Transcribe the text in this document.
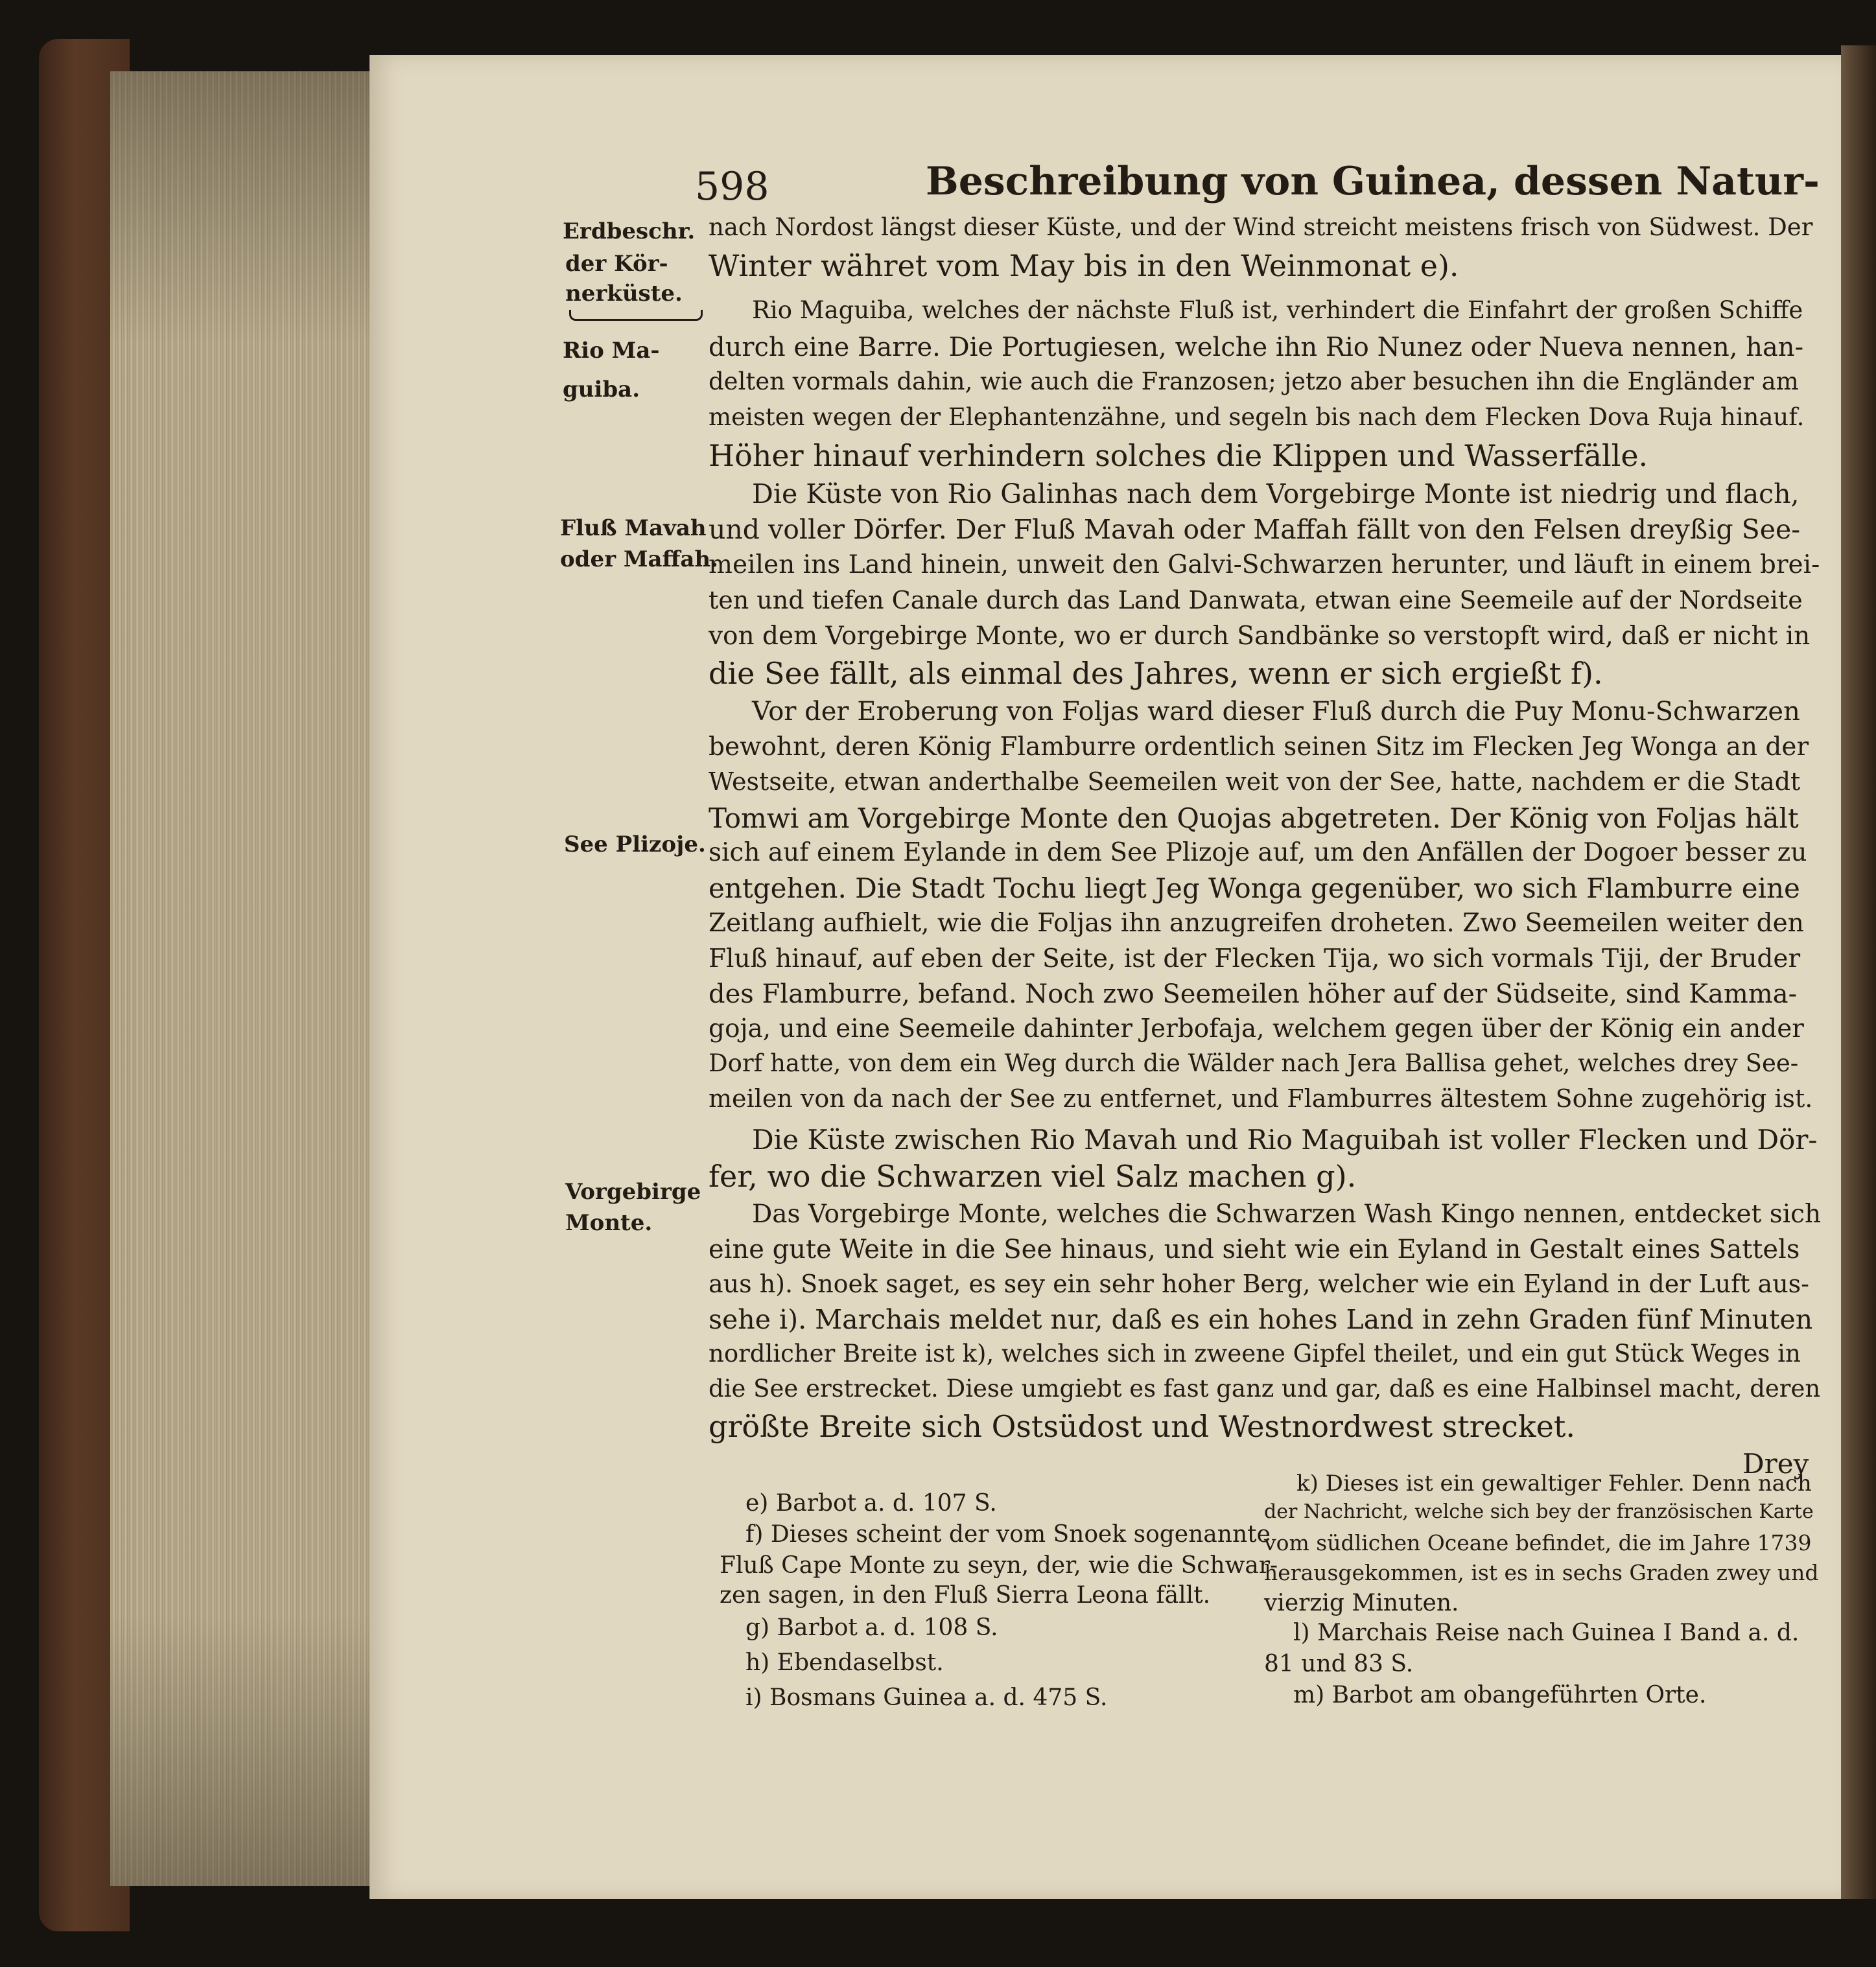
598	Beschreibung von Guinea, dessen Natur-
Erdbeschr.
der Kör-
nerküste.
Rio Ma-
guiba.
Fluß Mavah
oder Maffah.
See Plizoje.
Vorgebirge
Monte.
nach Nordost längst dieser Küste, und der Wind streicht meistens frisch von Südwest. Der
Winter währet vom May bis in den Weinmonat e).
Rio Maguiba, welches der nächste Fluß ist, verhindert die Einfahrt der großen Schiffe
durch eine Barre. Die Portugiesen, welche ihn Rio Nunez oder Nueva nennen, han-
delten vormals dahin, wie auch die Franzosen; jetzo aber besuchen ihn die Engländer am
meisten wegen der Elephantenzähne, und segeln bis nach dem Flecken Dova Ruja hinauf.
Höher hinauf verhindern solches die Klippen und Wasserfälle.
Die Küste von Rio Galinhas nach dem Vorgebirge Monte ist niedrig und flach,
und voller Dörfer. Der Fluß Mavah oder Maffah fällt von den Felsen dreyßig See-
meilen ins Land hinein, unweit den Galvi-Schwarzen herunter, und läuft in einem brei-
ten und tiefen Canale durch das Land Danwata, etwan eine Seemeile auf der Nordseite
von dem Vorgebirge Monte, wo er durch Sandbänke so verstopft wird, daß er nicht in
die See fällt, als einmal des Jahres, wenn er sich ergießt f).
Vor der Eroberung von Foljas ward dieser Fluß durch die Puy Monu-Schwarzen
bewohnt, deren König Flamburre ordentlich seinen Sitz im Flecken Jeg Wonga an der
Westseite, etwan anderthalbe Seemeilen weit von der See, hatte, nachdem er die Stadt
Tomwi am Vorgebirge Monte den Quojas abgetreten. Der König von Foljas hält
sich auf einem Eylande in dem See Plizoje auf, um den Anfällen der Dogoer besser zu
entgehen. Die Stadt Tochu liegt Jeg Wonga gegenüber, wo sich Flamburre eine
Zeitlang aufhielt, wie die Foljas ihn anzugreifen droheten. Zwo Seemeilen weiter den
Fluß hinauf, auf eben der Seite, ist der Flecken Tija, wo sich vormals Tiji, der Bruder
des Flamburre, befand. Noch zwo Seemeilen höher auf der Südseite, sind Kamma-
goja, und eine Seemeile dahinter Jerbofaja, welchem gegen über der König ein ander
Dorf hatte, von dem ein Weg durch die Wälder nach Jera Ballisa gehet, welches drey See-
meilen von da nach der See zu entfernet, und Flamburres ältestem Sohne zugehörig ist.
Die Küste zwischen Rio Mavah und Rio Maguibah ist voller Flecken und Dör-
fer, wo die Schwarzen viel Salz machen g).
Das Vorgebirge Monte, welches die Schwarzen Wash Kingo nennen, entdecket sich
eine gute Weite in die See hinaus, und sieht wie ein Eyland in Gestalt eines Sattels
aus h). Snoek saget, es sey ein sehr hoher Berg, welcher wie ein Eyland in der Luft aus-
sehe i). Marchais meldet nur, daß es ein hohes Land in zehn Graden fünf Minuten
nordlicher Breite ist k), welches sich in zweene Gipfel theilet, und ein gut Stück Weges in
die See erstrecket. Diese umgiebt es fast ganz und gar, daß es eine Halbinsel macht, deren
größte Breite sich Ostsüdost und Westnordwest strecket.
Drey
e) Barbot a. d. 107 S.
f) Dieses scheint der vom Snoek sogenannte
Fluß Cape Monte zu seyn, der, wie die Schwar-
zen sagen, in den Fluß Sierra Leona fällt.
g) Barbot a. d. 108 S.
h) Ebendaselbst.
i) Bosmans Guinea a. d. 475 S.
k) Dieses ist ein gewaltiger Fehler. Denn nach
der Nachricht, welche sich bey der französischen Karte
vom südlichen Oceane befindet, die im Jahre 1739
herausgekommen, ist es in sechs Graden zwey und
vierzig Minuten.
l) Marchais Reise nach Guinea I Band a. d.
81 und 83 S.
m) Barbot am obangeführten Orte.
